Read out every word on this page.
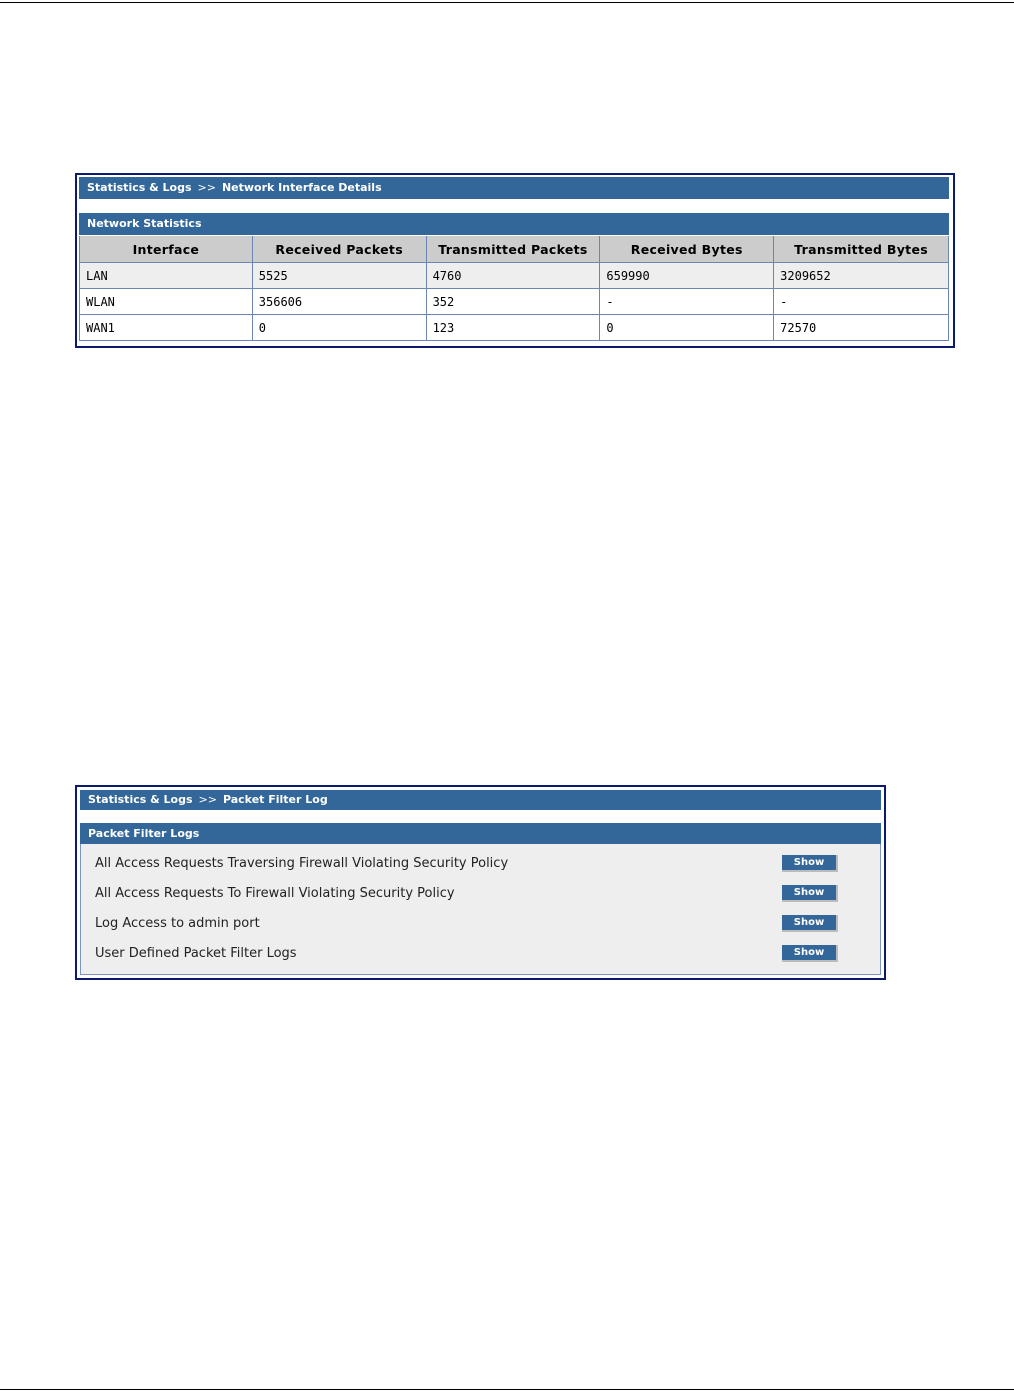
Statistics & Logs >> Network Interface Details
Network Statistics
Interface	Received Packets	Transmitted Packets	Received Bytes	Transmitted Bytes
LAN	5525	4760	659990	3209652
WLAN	356606	352	-	-
WAN1	0	123	0	72570
Statistics & Logs >> Packet Filter Log
Packet Filter Logs
All Access Requests Traversing Firewall Violating Security Policy	Show
All Access Requests To Firewall Violating Security Policy	Show
Log Access to admin port	Show
User Defined Packet Filter Logs	Show
